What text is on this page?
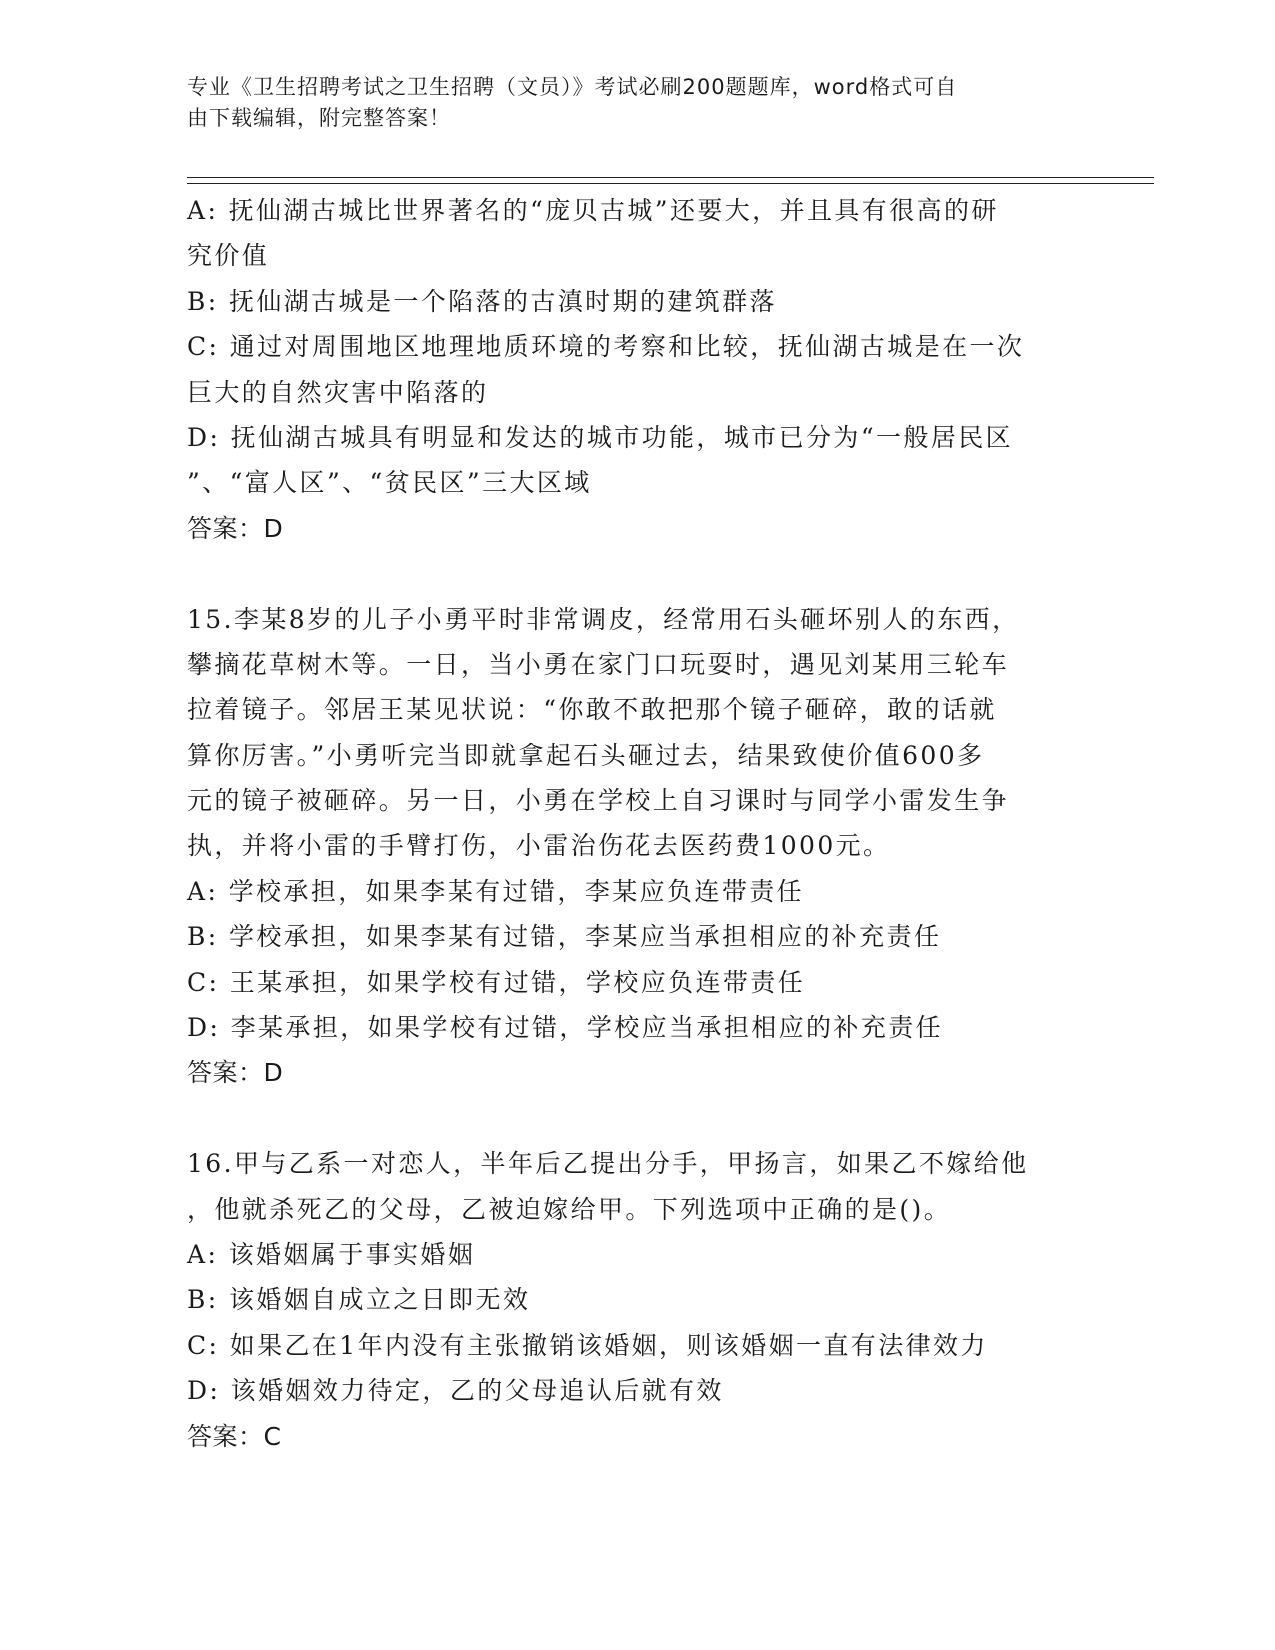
专业《卫生招聘考试之卫生招聘（文员）》考试必刷200题题库，word格式可自
由下载编辑，附完整答案！
A: 抚仙湖古城比世界著名的“庞贝古城”还要大，并且具有很高的研
究价值
B: 抚仙湖古城是一个陷落的古滇时期的建筑群落
C: 通过对周围地区地理地质环境的考察和比较，抚仙湖古城是在一次
巨大的自然灾害中陷落的
D: 抚仙湖古城具有明显和发达的城市功能，城市已分为“一般居民区
”、“富人区”、“贫民区”三大区域
答案：D
15.李某8岁的儿子小勇平时非常调皮，经常用石头砸坏别人的东西，
攀摘花草树木等。一日，当小勇在家门口玩耍时，遇见刘某用三轮车
拉着镜子。邻居王某见状说：“你敢不敢把那个镜子砸碎，敢的话就
算你厉害。”小勇听完当即就拿起石头砸过去，结果致使价值600多
元的镜子被砸碎。另一日，小勇在学校上自习课时与同学小雷发生争
执，并将小雷的手臂打伤，小雷治伤花去医药费1000元。
A: 学校承担，如果李某有过错，李某应负连带责任
B: 学校承担，如果李某有过错，李某应当承担相应的补充责任
C: 王某承担，如果学校有过错，学校应负连带责任
D: 李某承担，如果学校有过错，学校应当承担相应的补充责任
答案：D
16.甲与乙系一对恋人，半年后乙提出分手，甲扬言，如果乙不嫁给他
，他就杀死乙的父母，乙被迫嫁给甲。下列选项中正确的是()。
A: 该婚姻属于事实婚姻
B: 该婚姻自成立之日即无效
C: 如果乙在1年内没有主张撤销该婚姻，则该婚姻一直有法律效力
D: 该婚姻效力待定，乙的父母追认后就有效
答案：C
